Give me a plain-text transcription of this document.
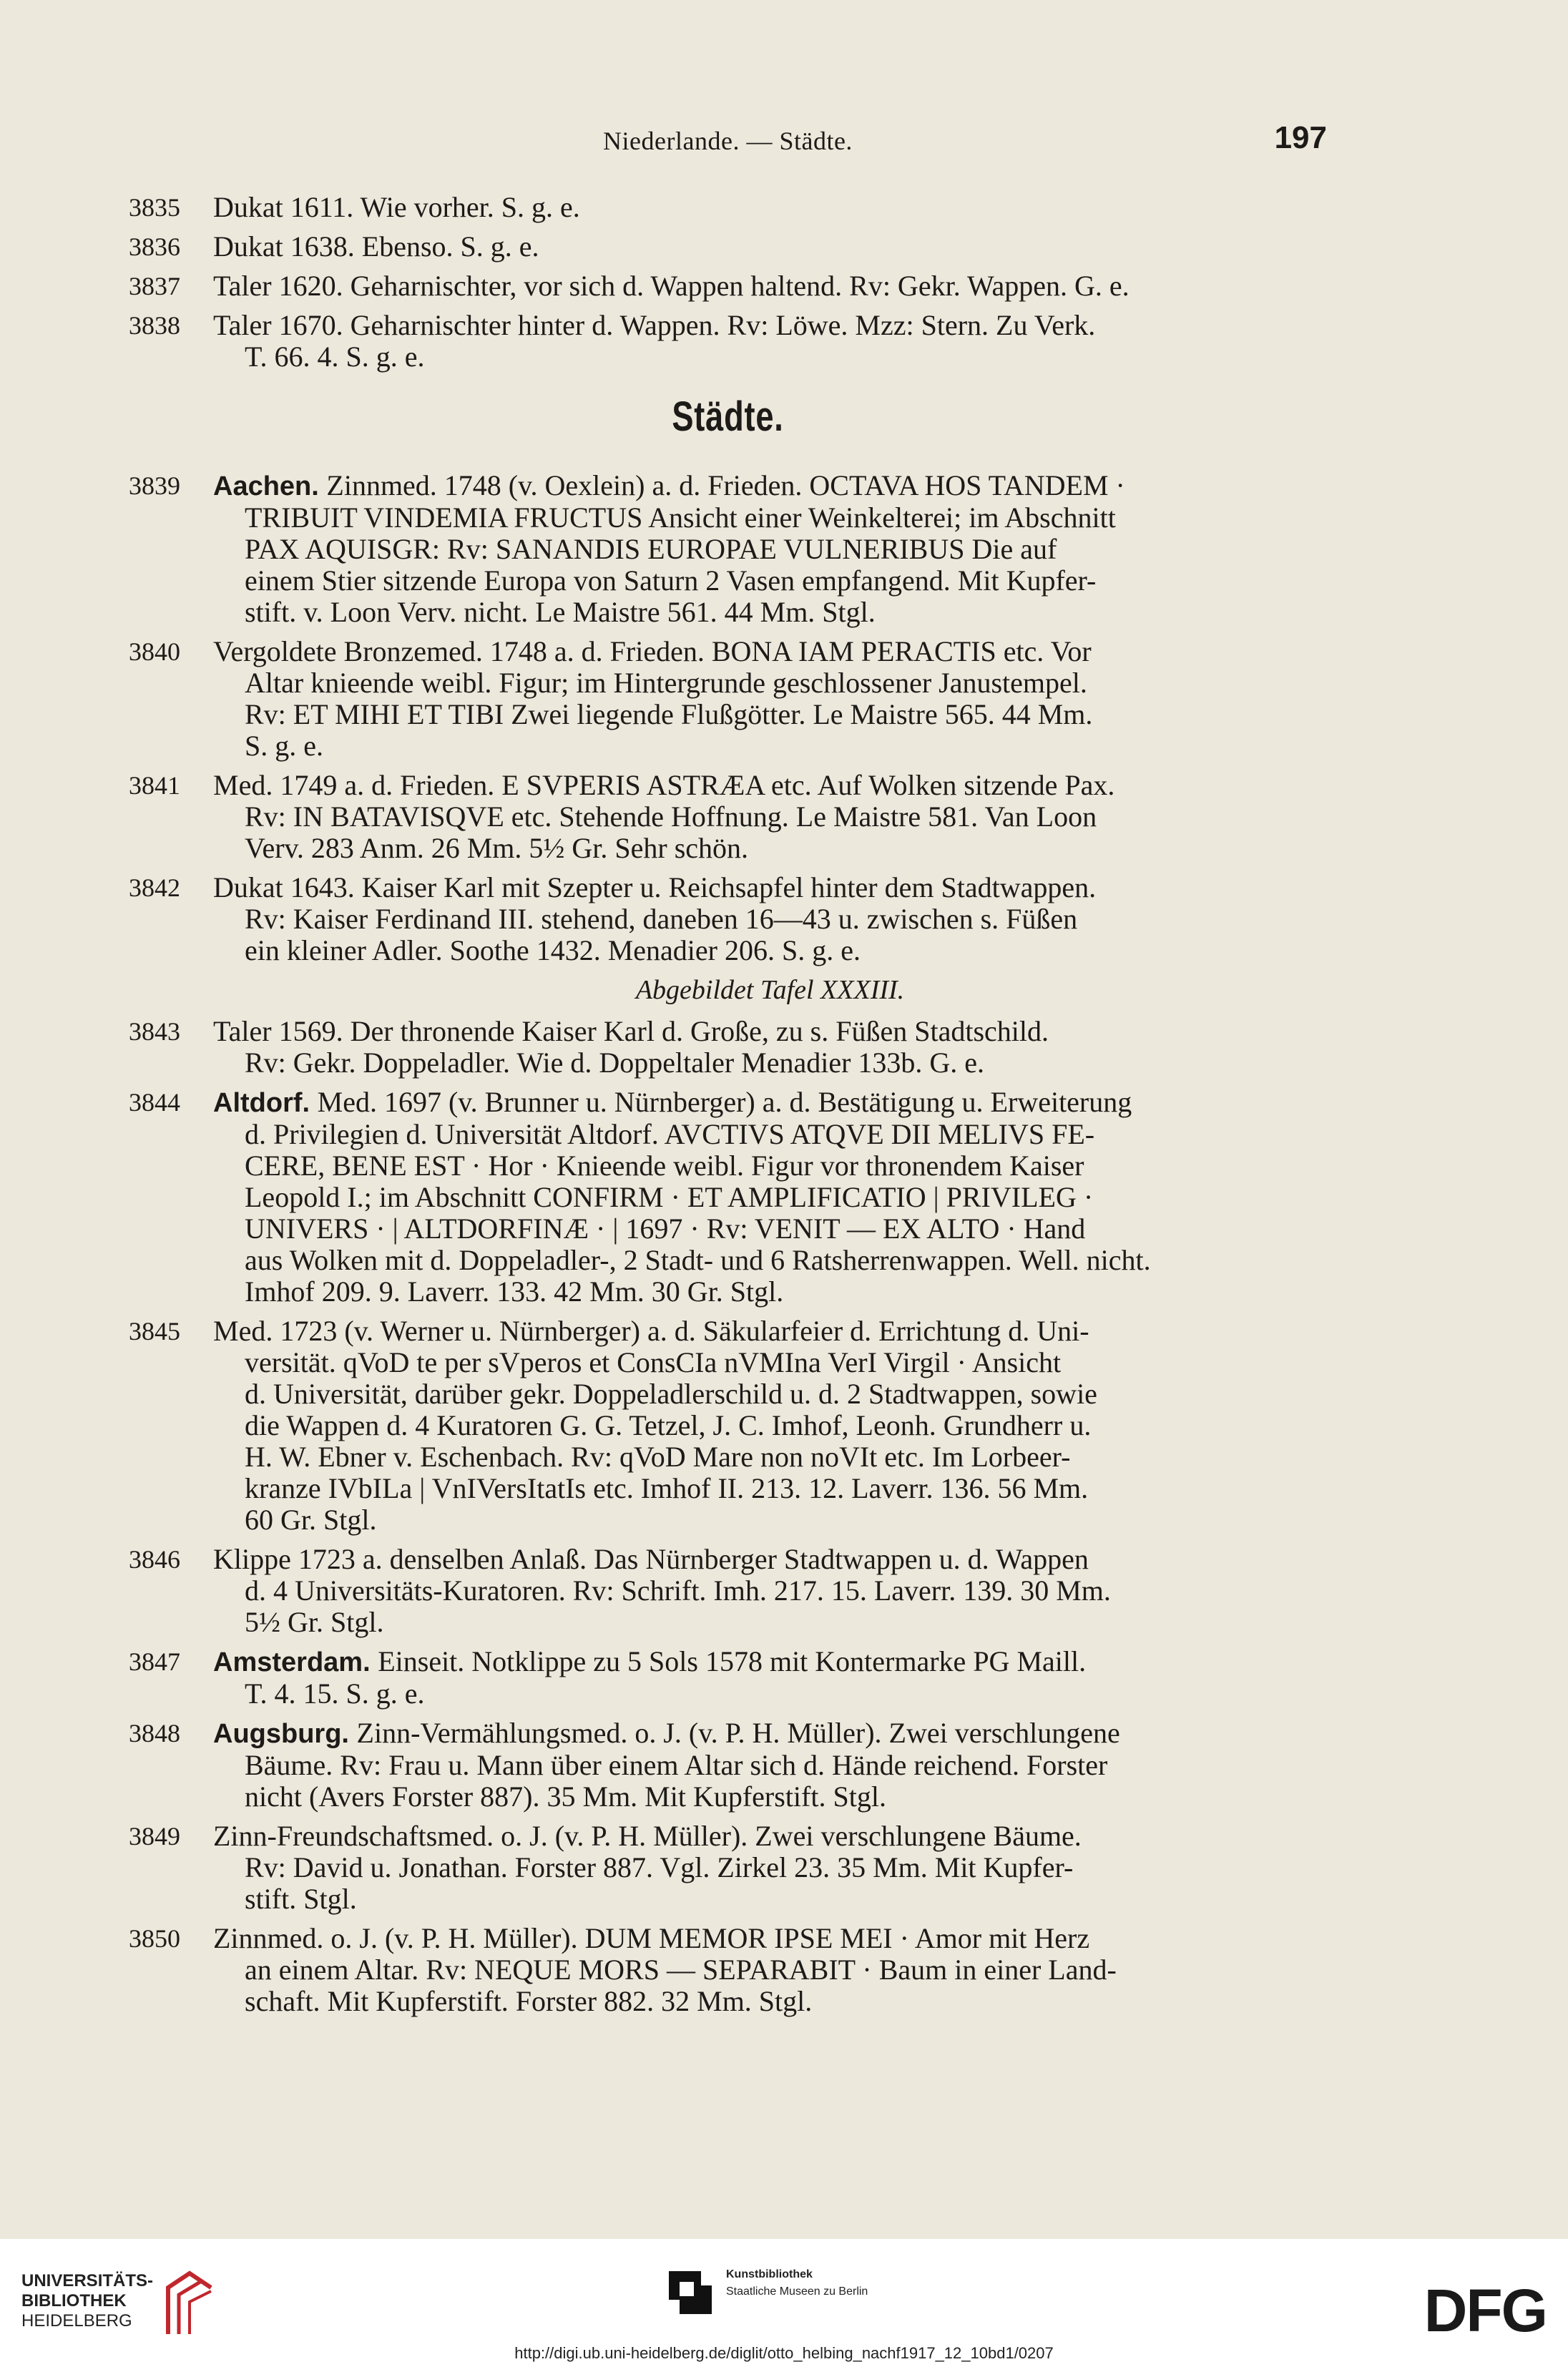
Niederlande. — Städte.	197
3835	Dukat 1611. Wie vorher. S. g. e.
3836	Dukat 1638. Ebenso. S. g. e.
3837	Taler 1620. Geharnischter, vor sich d. Wappen haltend. Rv: Gekr. Wappen. G. e.
3838	Taler 1670. Geharnischter hinter d. Wappen. Rv: Löwe. Mzz: Stern. Zu Verk.
T. 66. 4. S. g. e.
Städte.
3839	Aachen. Zinnmed. 1748 (v. Oexlein) a. d. Frieden. OCTAVA HOS TANDEM ·
TRIBUIT VINDEMIA FRUCTUS Ansicht einer Weinkelterei; im Abschnitt
PAX AQUISGR: Rv: SANANDIS EUROPAE VULNERIBUS Die auf
einem Stier sitzende Europa von Saturn 2 Vasen empfangend. Mit Kupfer-
stift. v. Loon Verv. nicht. Le Maistre 561. 44 Mm. Stgl.
3840	Vergoldete Bronzemed. 1748 a. d. Frieden. BONA IAM PERACTIS etc. Vor
Altar knieende weibl. Figur; im Hintergrunde geschlossener Janustempel.
Rv: ET MIHI ET TIBI Zwei liegende Flußgötter. Le Maistre 565. 44 Mm.
S. g. e.
3841	Med. 1749 a. d. Frieden. E SVPERIS ASTRÆA etc. Auf Wolken sitzende Pax.
Rv: IN BATAVISQVE etc. Stehende Hoffnung. Le Maistre 581. Van Loon
Verv. 283 Anm. 26 Mm. 5½ Gr. Sehr schön.
3842	Dukat 1643. Kaiser Karl mit Szepter u. Reichsapfel hinter dem Stadtwappen.
Rv: Kaiser Ferdinand III. stehend, daneben 16—43 u. zwischen s. Füßen
ein kleiner Adler. Soothe 1432. Menadier 206. S. g. e.
Abgebildet Tafel XXXIII.
3843	Taler 1569. Der thronende Kaiser Karl d. Große, zu s. Füßen Stadtschild.
Rv: Gekr. Doppeladler. Wie d. Doppeltaler Menadier 133b. G. e.
3844	Altdorf. Med. 1697 (v. Brunner u. Nürnberger) a. d. Bestätigung u. Erweiterung
d. Privilegien d. Universität Altdorf. AVCTIVS ATQVE DII MELIVS FE-
CERE, BENE EST · Hor · Knieende weibl. Figur vor thronendem Kaiser
Leopold I.; im Abschnitt CONFIRM · ET AMPLIFICATIO | PRIVILEG ·
UNIVERS · | ALTDORFINÆ · | 1697 · Rv: VENIT — EX ALTO · Hand
aus Wolken mit d. Doppeladler-, 2 Stadt- und 6 Ratsherrenwappen. Well. nicht.
Imhof 209. 9. Laverr. 133. 42 Mm. 30 Gr. Stgl.
3845	Med. 1723 (v. Werner u. Nürnberger) a. d. Säkularfeier d. Errichtung d. Uni-
versität. qVoD te per sVperos et ConsCIa nVMIna VerI Virgil · Ansicht
d. Universität, darüber gekr. Doppeladlerschild u. d. 2 Stadtwappen, sowie
die Wappen d. 4 Kuratoren G. G. Tetzel, J. C. Imhof, Leonh. Grundherr u.
H. W. Ebner v. Eschenbach. Rv: qVoD Mare non noVIt etc. Im Lorbeer-
kranze IVbILa | VnIVersItatIs etc. Imhof II. 213. 12. Laverr. 136. 56 Mm.
60 Gr. Stgl.
3846	Klippe 1723 a. denselben Anlaß. Das Nürnberger Stadtwappen u. d. Wappen
d. 4 Universitäts-Kuratoren. Rv: Schrift. Imh. 217. 15. Laverr. 139. 30 Mm.
5½ Gr. Stgl.
3847	Amsterdam. Einseit. Notklippe zu 5 Sols 1578 mit Kontermarke PG Maill.
T. 4. 15. S. g. e.
3848	Augsburg. Zinn-Vermählungsmed. o. J. (v. P. H. Müller). Zwei verschlungene
Bäume. Rv: Frau u. Mann über einem Altar sich d. Hände reichend. Forster
nicht (Avers Forster 887). 35 Mm. Mit Kupferstift. Stgl.
3849	Zinn-Freundschaftsmed. o. J. (v. P. H. Müller). Zwei verschlungene Bäume.
Rv: David u. Jonathan. Forster 887. Vgl. Zirkel 23. 35 Mm. Mit Kupfer-
stift. Stgl.
3850	Zinnmed. o. J. (v. P. H. Müller). DUM MEMOR IPSE MEI · Amor mit Herz
an einem Altar. Rv: NEQUE MORS — SEPARABIT · Baum in einer Land-
schaft. Mit Kupferstift. Forster 882. 32 Mm. Stgl.
UNIVERSITÄTS-
BIBLIOTHEK
HEIDELBERG
Kunstbibliothek
Staatliche Museen zu Berlin	DFG
http://digi.ub.uni-heidelberg.de/diglit/otto_helbing_nachf1917_12_10bd1/0207
